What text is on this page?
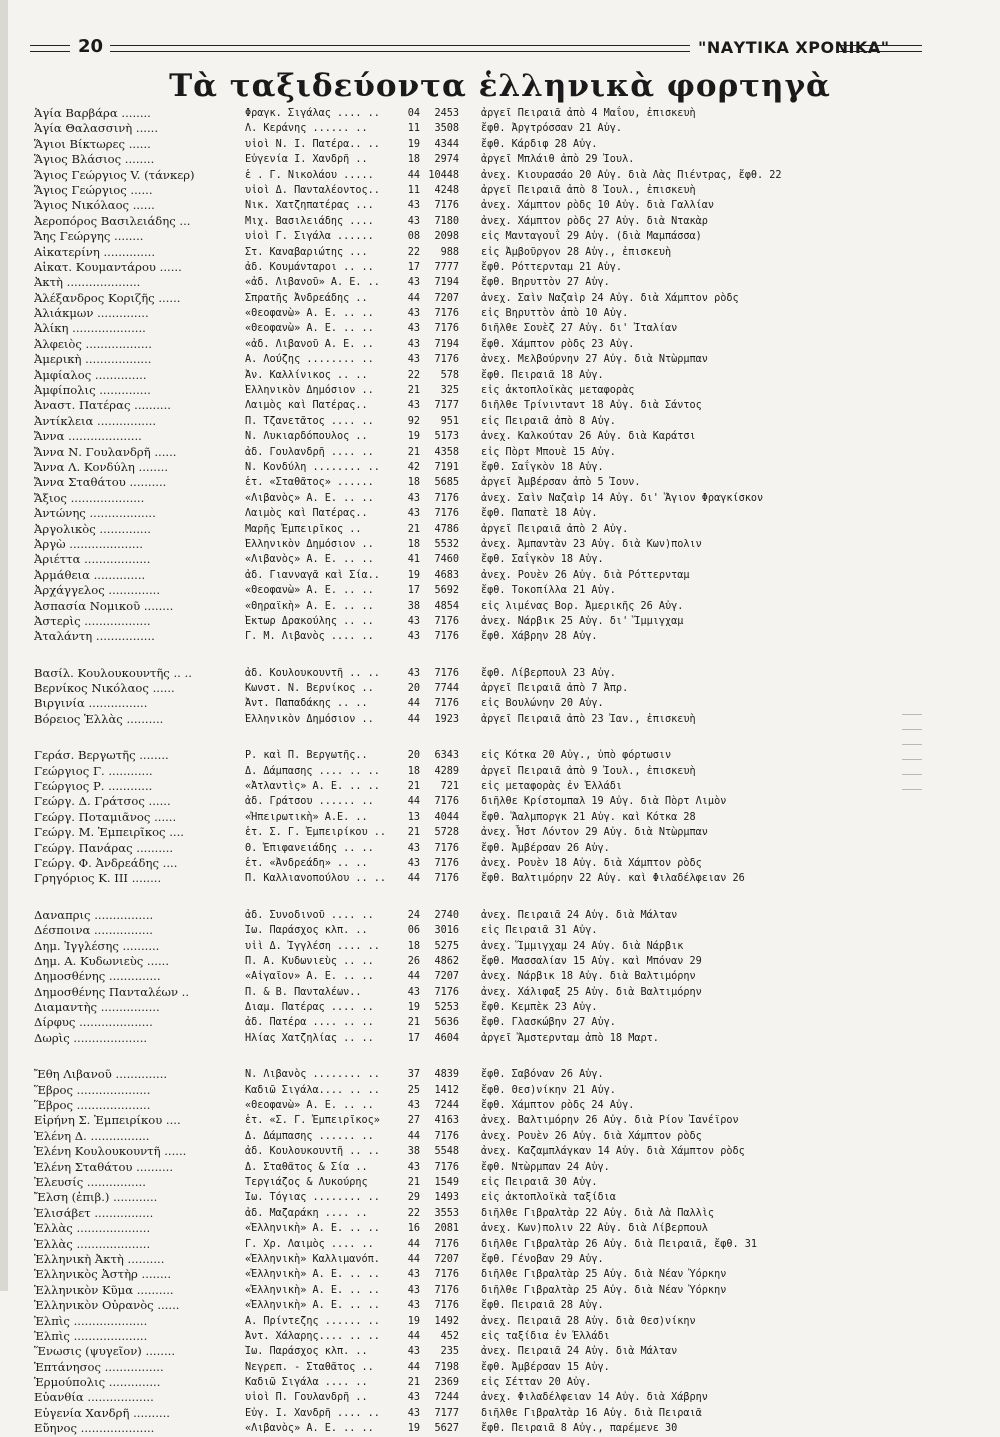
20	"ΝΑΥΤΙΚΑ ΧΡΟΝΙΚΑ"
Τὰ ταξιδεύοντα ἑλληνικὰ φορτηγὰ
Ἁγία Βαρβάρα ........	Φραγκ. Σιγάλας .... ..	04	2453 ἀργεῖ Πειραιᾶ ἀπὸ 4 Μαΐου, ἐπισκευὴ
Ἁγία Θαλασσινὴ ......	Λ. Κεράνης ...... ..	11	3508 ἔφθ. Ἀργτρόσσαν 21 Αὐγ.
Ἅγιοι Βίκτωρες ......	υἱοὶ Ν. Ι. Πατέρα.. ..	19	4344 ἔφθ. Κάρδιφ 28 Αὐγ.
Ἅγιος Βλάσιος ........	Εὐγενία Ι. Χανδρῆ ..	18	2974 ἀργεῖ Μπλάιθ ἀπὸ 29 Ἰουλ.
Ἅγιος Γεώργιος V. (τάνκερ)	ἑ . Γ. Νικολάου .....	44 10448 ἀνεχ. Κιουρασάο 20 Αὐγ. διὰ Λὰς Πιέντρας, ἔφθ. 22
Ἅγιος Γεώργιος ......	υἱοὶ Δ. Πανταλέοντος..	11	4248 ἀργεῖ Πειραιᾶ ἀπὸ 8 Ἰουλ., ἐπισκευὴ
Ἅγιος Νικόλαος ......	Νικ. Χατζηπατέρας ...	43	7176 ἀνεχ. Χάμπτον ρὸδς 10 Αὐγ. διὰ Γαλλίαν
Ἀεροπόρος Βασιλειάδης ...	Μιχ. Βασιλειάδης ....	43	7180 ἀνεχ. Χάμπτον ρὸδς 27 Αὐγ. διὰ Ντακὰρ
Ἄης Γεώργης ........	υἱοὶ Γ. Σιγάλα ......	08	2098 εἰς Μανταγουῒ 29 Αὐγ. (διὰ Μαμπάσσα)
Αἰκατερίνη ..............	Στ. Καναβαριώτης ...	22	988 εἰς Ἀμβοῦργον 28 Αὐγ., ἐπισκευὴ
Αἰκατ. Κουμαντάρου ......	ἀδ. Κουμάνταροι .. ..	17	7777 ἔφθ. Ρόττερνταμ 21 Αὐγ.
Ἀκτὴ ....................	«ἀδ. Λιβανοῦ» Α. Ε. ..	43	7194 ἔφθ. Βηρυττὸν 27 Αὐγ.
Ἀλέξανδρος Κοριζῆς ......	Σπρατῆς Ἀνδρεάδης ..	44	7207 ἀνεχ. Σαὶν Ναζαὶρ 24 Αὐγ. διὰ Χάμπτον ρὸδς
Ἀλιάκμων ..............	«Θεοφανὼ» Α. Ε. .. ..	43	7176 εἰς Βηρυττὸν ἀπὸ 10 Αὐγ.
Ἀλίκη ....................	«Θεοφανὼ» Α. Ε. .. ..	43	7176 διῆλθε Σουὲζ 27 Αὐγ. δι' Ἰταλίαν
Ἀλφειὸς ..................	«ἀδ. Λιβανοῦ Α. Ε. ..	43	7194 ἔφθ. Χάμπτον ρὸδς 23 Αὐγ.
Ἀμερικὴ ..................	Α. Λούζης ........ ..	43	7176 ἀνεχ. Μελβούρνην 27 Αὐγ. διὰ Ντὼρμπαν
Ἀμφίαλος ..............	Ἀν. Καλλίνικος .. ..	22	578 ἔφθ. Πειραιᾶ 18 Αὐγ.
Ἀμφίπολις ..............	Ἑλληνικὸν Δημόσιον ..	21	325 εἰς ἀκτοπλοϊκὰς μεταφορὰς
Ἀναστ. Πατέρας ..........	Λαιμὸς καὶ Πατέρας..	43	7177 διῆλθε Τρίνινταντ 18 Αὐγ. διὰ Σάντος
Ἀντίκλεια ................	Π. Τζανετᾶτος .... ..	92	951 εἰς Πειραιᾶ ἀπὸ 8 Αὐγ.
Ἄννα ....................	Ν. Λυκιαρδόπουλος ..	19	5173 ἀνεχ. Καλκούταν 26 Αὐγ. διὰ Καράτσι
Ἄννα Ν. Γουλανδρῆ ......	ἀδ. Γουλανδρῆ .... ..	21	4358 εἰς Πὸρτ Μπουὲ 15 Αὐγ.
Ἄννα Λ. Κονδύλη ........	Ν. Κονδύλη ........ ..	42	7191 ἔφθ. Σαΐγκὸν 18 Αὐγ.
Ἄννα Σταθάτου ..........	ἑτ. «Σταθᾶτος» ......	18	5685 ἀργεῖ Ἀμβέρσαν ἀπὸ 5 Ἰουν.
Ἄξιος ....................	«Λιβανὸς» Α. Ε. .. ..	43	7176 ἀνεχ. Σαὶν Ναζαὶρ 14 Αὐγ. δι' Ἅγιον Φραγκίσκον
Ἀντώνης ..................	Λαιμὸς καὶ Πατέρας..	43	7176 ἔφθ. Παπατὲ 18 Αὐγ.
Ἀργολικὸς ..............	Μαρῆς Ἐμπειρῖκος ..	21	4786 ἀργεῖ Πειραιᾶ ἀπὸ 2 Αὐγ.
Ἀργὼ ....................	Ἑλληνικὸν Δημόσιον ..	18	5532 ἀνεχ. Ἀμπαντὰν 23 Αὐγ. διὰ Κων)πολιν
Ἀριέττα ..................	«Λιβανὸς» Α. Ε. .. ..	41	7460 ἔφθ. Σαΐγκὸν 18 Αὐγ.
Ἀρμάθεια ..............	ἀδ. Γιανναγᾶ καὶ Σία..	19	4683 ἀνεχ. Ρουὲν 26 Αὐγ. διὰ Ρόττερνταμ
Ἀρχάγγελος ..............	«Θεοφανὼ» Α. Ε. .. ..	17	5692 ἔφθ. Τοκοπίλλα 21 Αὐγ.
Ἀσπασία Νομικοῦ ........	«Θηραϊκὴ» Α. Ε. .. ..	38	4854 εἰς λιμένας Βορ. Ἀμερικῆς 26 Αὐγ.
Ἀστερὶς ..................	Ἕκτωρ Δρακούλης .. ..	43	7176 ἀνεχ. Νάρβικ 25 Αὐγ. δι' Ἵμμιγχαμ
Ἀταλάντη ................	Γ. Μ. Λιβανὸς .... ..	43	7176 ἔφθ. Χάβρην 28 Αὐγ.
Βασίλ. Κουλουκουντῆς .. ..	ἀδ. Κουλουκουντῆ .. ..	43	7176 ἔφθ. Λίβερπουλ 23 Αὐγ.
Βερνίκος Νικόλαος ......	Κωνστ. Ν. Βερνίκος ..	20	7744 ἀργεῖ Πειραιᾶ ἀπὸ 7 Ἀπρ.
Βιργινία ................	Ἀντ. Παπαδάκης .. ..	44	7176 εἰς Βουλώνην 20 Αὐγ.
Βόρειος Ἑλλὰς ..........	Ἑλληνικὸν Δημόσιον ..	44	1923 ἀργεῖ Πειραιᾶ ἀπὸ 23 Ἰαν., ἐπισκευὴ
Γεράσ. Βεργωτῆς ........	Ρ. καὶ Π. Βεργωτῆς..	20	6343 εἰς Κότκα 20 Αὐγ., ὑπὸ φόρτωσιν
Γεώργιος Γ. ............	Δ. Δάμπασης .... .. ..	18	4289 ἀργεῖ Πειραιᾶ ἀπὸ 9 Ἰουλ., ἐπισκευὴ
Γεώργιος Ρ. ............	«Ἀτλαντὶς» Α. Ε. .. ..	21	721 εἰς μεταφορὰς ἐν Ἑλλάδι
Γεώργ. Δ. Γράτσος ......	ἀδ. Γράτσου ...... ..	44	7176 διῆλθε Κρίστομπαλ 19 Αὐγ. διὰ Πὸρτ Λιμὸν
Γεώργ. Ποταμιᾶνος ......	«Ἠπειρωτικὴ» Α.Ε. ..	13	4044 ἔφθ. Ἅαλμποργκ 21 Αὐγ. καὶ Κότκα 28
Γεώργ. Μ. Ἐμπειρῖκος ....	ἑτ. Σ. Γ. Ἐμπειρίκου ..	21	5728 ἀνεχ. Ἧστ Λόντον 29 Αὐγ. διὰ Ντὼρμπαν
Γεώργ. Πανάρας ..........	Θ. Ἐπιφανειάδης .. ..	43	7176 ἔφθ. Ἀμβέρσαν 26 Αὐγ.
Γεώργ. Φ. Ἀνδρεάδης ....	ἑτ. «Ἀνδρεάδη» .. ..	43	7176 ἀνεχ. Ρουὲν 18 Αὐγ. διὰ Χάμπτον ρὸδς
Γρηγόριος Κ. ΙΙΙ ........	Π. Καλλιανοπούλου .. ..	44	7176 ἔφθ. Βαλτιμόρην 22 Αὐγ. καὶ Φιλαδέλφειαν 26
Δαναπρις ................	ἀδ. Συνοδινοῦ .... ..	24	2740 ἀνεχ. Πειραιᾶ 24 Αὐγ. διὰ Μάλταν
Δέσποινα ................	Ἰω. Παράσχος κλπ. ..	06	3016 εἰς Πειραιᾶ 31 Αὐγ.
Δημ. Ἰγγλέσης ..........	υἱὶ Δ. Ἰγγλέση .... ..	18	5275 ἀνεχ. Ἵμμιγχαμ 24 Αὐγ. διὰ Νάρβικ
Δημ. Α. Κυδωνιεὺς ......	Π. Α. Κυδωνιεὺς .. ..	26	4862 ἔφθ. Μασσαλίαν 15 Αὐγ. καὶ Μπόναν 29
Δημοσθένης ..............	«Αἰγαῖον» Α. Ε. .. ..	44	7207 ἀνεχ. Νάρβικ 18 Αὐγ. διὰ Βαλτιμόρην
Δημοσθένης Πανταλέων ..	Π. & Β. Πανταλέων..	43	7176 ἀνεχ. Χάλιφαξ 25 Αὐγ. διὰ Βαλτιμόρην
Διαμαντὴς ................	Διαμ. Πατέρας .... ..	19	5253 ἔφθ. Κεμπὲκ 23 Αὐγ.
Δίρφυς ....................	ἀδ. Πατέρα .... .. ..	21	5636 ἔφθ. Γλασκώβην 27 Αὐγ.
Δωρὶς ....................	Ἡλίας Χατζηλίας .. ..	17	4604 ἀργεῖ Ἄμστερνταμ ἀπὸ 18 Μαρτ.
Ἔθη Λιβανοῦ ..............	Ν. Λιβανὸς ........ ..	37	4839 ἔφθ. Σαβόναν 26 Αὐγ.
Ἕβρος ....................	Καδιῶ Σιγάλα.... .. ..	25	1412 ἔφθ. Θεσ)νίκην 21 Αὐγ.
Ἕβρος ....................	«Θεοφανὼ» Α. Ε. .. ..	43	7244 ἔφθ. Χάμπτον ρὸδς 24 Αὐγ.
Εἰρήνη Σ. Ἐμπειρίκου ....	ἑτ. «Σ. Γ. Ἐμπειρῖκος»	27	4163 ἀνεχ. Βαλτιμόρην 26 Αὐγ. διὰ Ρίον Ἰανέϊρον
Ἑλένη Δ. ................	Δ. Δάμπασης ...... ..	44	7176 ἀνεχ. Ρουὲν 26 Αὐγ. διὰ Χάμπτον ρὸδς
Ἑλένη Κουλουκουντῆ ......	ἀδ. Κουλουκουντῆ .. ..	38	5548 ἀνεχ. Καζαμπλάγκαν 14 Αὐγ. διὰ Χάμπτον ρὸδς
Ἑλένη Σταθάτου ..........	Δ. Σταθᾶτος & Σία ..	43	7176 ἔφθ. Ντὼρμπαν 24 Αὐγ.
Ἐλευσίς ................	Τεργιάζος & Λυκούρης	21	1549 εἰς Πειραιᾶ 30 Αὐγ.
Ἔλση (ἐπιβ.) ............	Ἰω. Τόγιας ........ ..	29	1493 εἰς ἀκτοπλοϊκὰ ταξίδια
Ἐλισάβετ ................	ἀδ. Μαζαράκη .... ..	22	3553 διῆλθε Γιβραλτὰρ 22 Αὐγ. διὰ Λὰ Παλλὶς
Ἑλλὰς ....................	«Ἑλληνικὴ» Α. Ε. .. ..	16	2081 ἀνεχ. Κων)πολιν 22 Αὐγ. διὰ Λίβερπουλ
Ἑλλὰς ....................	Γ. Χρ. Λαιμὸς .... ..	44	7176 διῆλθε Γιβραλτὰρ 26 Αὐγ. διὰ Πειραιᾶ, ἔφθ. 31
Ἑλληνικὴ Ἀκτὴ ..........	«Ἑλληνικὴ» Καλλιμανόπ.	44	7207 ἔφθ. Γένοβαν 29 Αὐγ.
Ἑλληνικὸς Ἀστὴρ ........	«Ἑλληνικὴ» Α. Ε. .. ..	43	7176 διῆλθε Γιβραλτὰρ 25 Αὐγ. διὰ Νέαν Ὑόρκην
Ἑλληνικὸν Κῦμα ..........	«Ἑλληνικὴ» Α. Ε. .. ..	43	7176 διῆλθε Γιβραλτὰρ 25 Αὐγ. διὰ Νέαν Ὑόρκην
Ἑλληνικὸν Οὐρανὸς ......	«Ἑλληνικὴ» Α. Ε. .. ..	43	7176 ἔφθ. Πειραιᾶ 28 Αὐγ.
Ἐλπὶς ....................	Α. Πρίντεζης ...... ..	19	1492 ἀνεχ. Πειραιᾶ 28 Αὐγ. διὰ Θεσ)νίκην
Ἐλπὶς ....................	Ἀντ. Χάλαρης.... .. ..	44	452 εἰς ταξίδια ἐν Ἑλλάδι
Ἕνωσις (ψυγεῖον) ........	Ἰω. Παράσχος κλπ. ..	43	235 ἀνεχ. Πειραιᾶ 24 Αὐγ. διὰ Μάλταν
Ἑπτάνησος ................	Νεγρεπ. - Σταθᾶτος ..	44	7198 ἔφθ. Ἀμβέρσαν 15 Αὐγ.
Ἑρμούπολις ..............	Καδιῶ Σιγάλα .... ..	21	2369 εἰς Σέτταν 20 Αὐγ.
Εὐανθία ..................	υἱοὶ Π. Γουλανδρῆ ..	43	7244 ἀνεχ. Φιλαδέλφειαν 14 Αὐγ. διὰ Χάβρην
Εὐγενία Χανδρῆ ..........	Εὐγ. Ι. Χανδρῆ .... ..	43	7177 διῆλθε Γιβραλτὰρ 16 Αὐγ. διὰ Πειραιᾶ
Εὔηνος ....................	«Λιβανὸς» Α. Ε. .. ..	19	5627 ἔφθ. Πειραιᾶ 8 Αὐγ., παρέμενε 30
